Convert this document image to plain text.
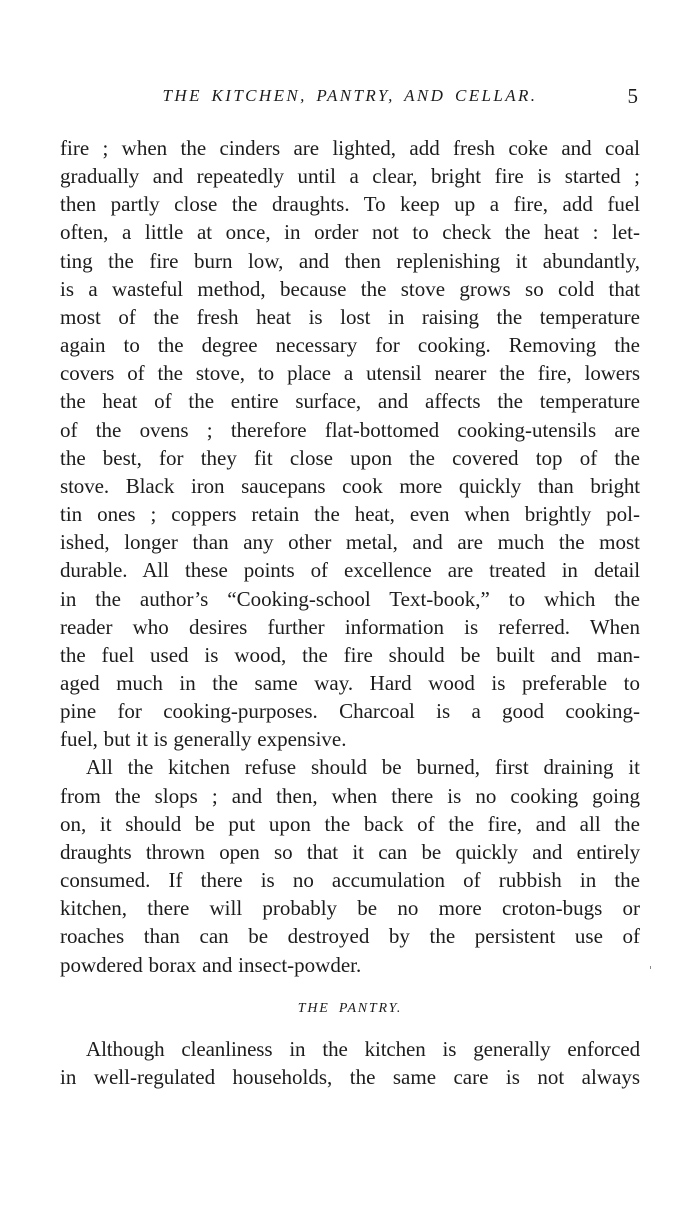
THE KITCHEN, PANTRY, AND CELLAR.	5

fire ; when the cinders are lighted, add fresh coke and coal

gradually and repeatedly until a clear, bright fire is started ;

then partly close the draughts. To keep up a fire, add fuel

often, a little at once, in order not to check the heat : let-

ting the fire burn low, and then replenishing it abundantly,

is a wasteful method, because the stove grows so cold that

most of the fresh heat is lost in raising the temperature

again to the degree necessary for cooking. Removing the

covers of the stove, to place a utensil nearer the fire, lowers

the heat of the entire surface, and affects the temperature

of the ovens ; therefore flat-bottomed cooking-utensils are

the best, for they fit close upon the covered top of the

stove. Black iron saucepans cook more quickly than bright

tin ones ; coppers retain the heat, even when brightly pol-

ished, longer than any other metal, and are much the most

durable. All these points of excellence are treated in detail

in the author’s “Cooking-school Text-book,” to which the

reader who desires further information is referred. When

the fuel used is wood, the fire should be built and man-

aged much in the same way. Hard wood is preferable to

pine for cooking-purposes. Charcoal is a good cooking-

fuel, but it is generally expensive.

All the kitchen refuse should be burned, first draining it

from the slops ; and then, when there is no cooking going

on, it should be put upon the back of the fire, and all the

draughts thrown open so that it can be quickly and entirely

consumed. If there is no accumulation of rubbish in the

kitchen, there will probably be no more croton-bugs or

roaches than can be destroyed by the persistent use of

powdered borax and insect-powder.

THE PANTRY.

Although cleanliness in the kitchen is generally enforced

in well-regulated households, the same care is not always
